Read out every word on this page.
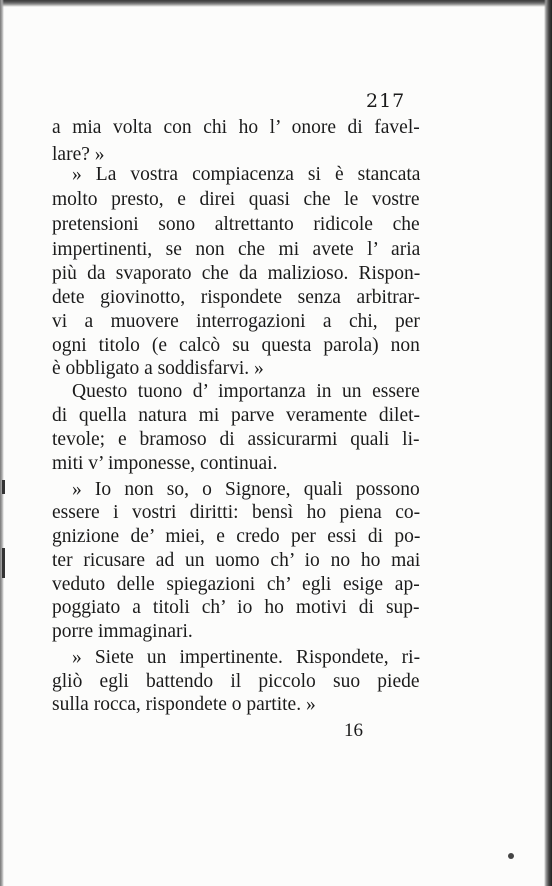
217
a mia volta con chi ho l’ onore di favel-
lare? »
» La vostra compiacenza si è stancata
molto presto, e direi quasi che le vostre
pretensioni sono altrettanto ridicole che
impertinenti, se non che mi avete l’ aria
più da svaporato che da malizioso. Rispon-
dete giovinotto, rispondete senza arbitrar-
vi a muovere interrogazioni a chi, per
ogni titolo (e calcò su questa parola) non
è obbligato a soddisfarvi. »
Questo tuono d’ importanza in un essere
di quella natura mi parve veramente dilet-
tevole; e bramoso di assicurarmi quali li-
miti v’ imponesse, continuai.
» Io non so, o Signore, quali possono
essere i vostri diritti: bensì ho piena co-
gnizione de’ miei, e credo per essi di po-
ter ricusare ad un uomo ch’ io no ho mai
veduto delle spiegazioni ch’ egli esige ap-
poggiato a titoli ch’ io ho motivi di sup-
porre immaginari.
» Siete un impertinente. Rispondete, ri-
gliò egli battendo il piccolo suo piede
sulla rocca, rispondete o partite. »
16
